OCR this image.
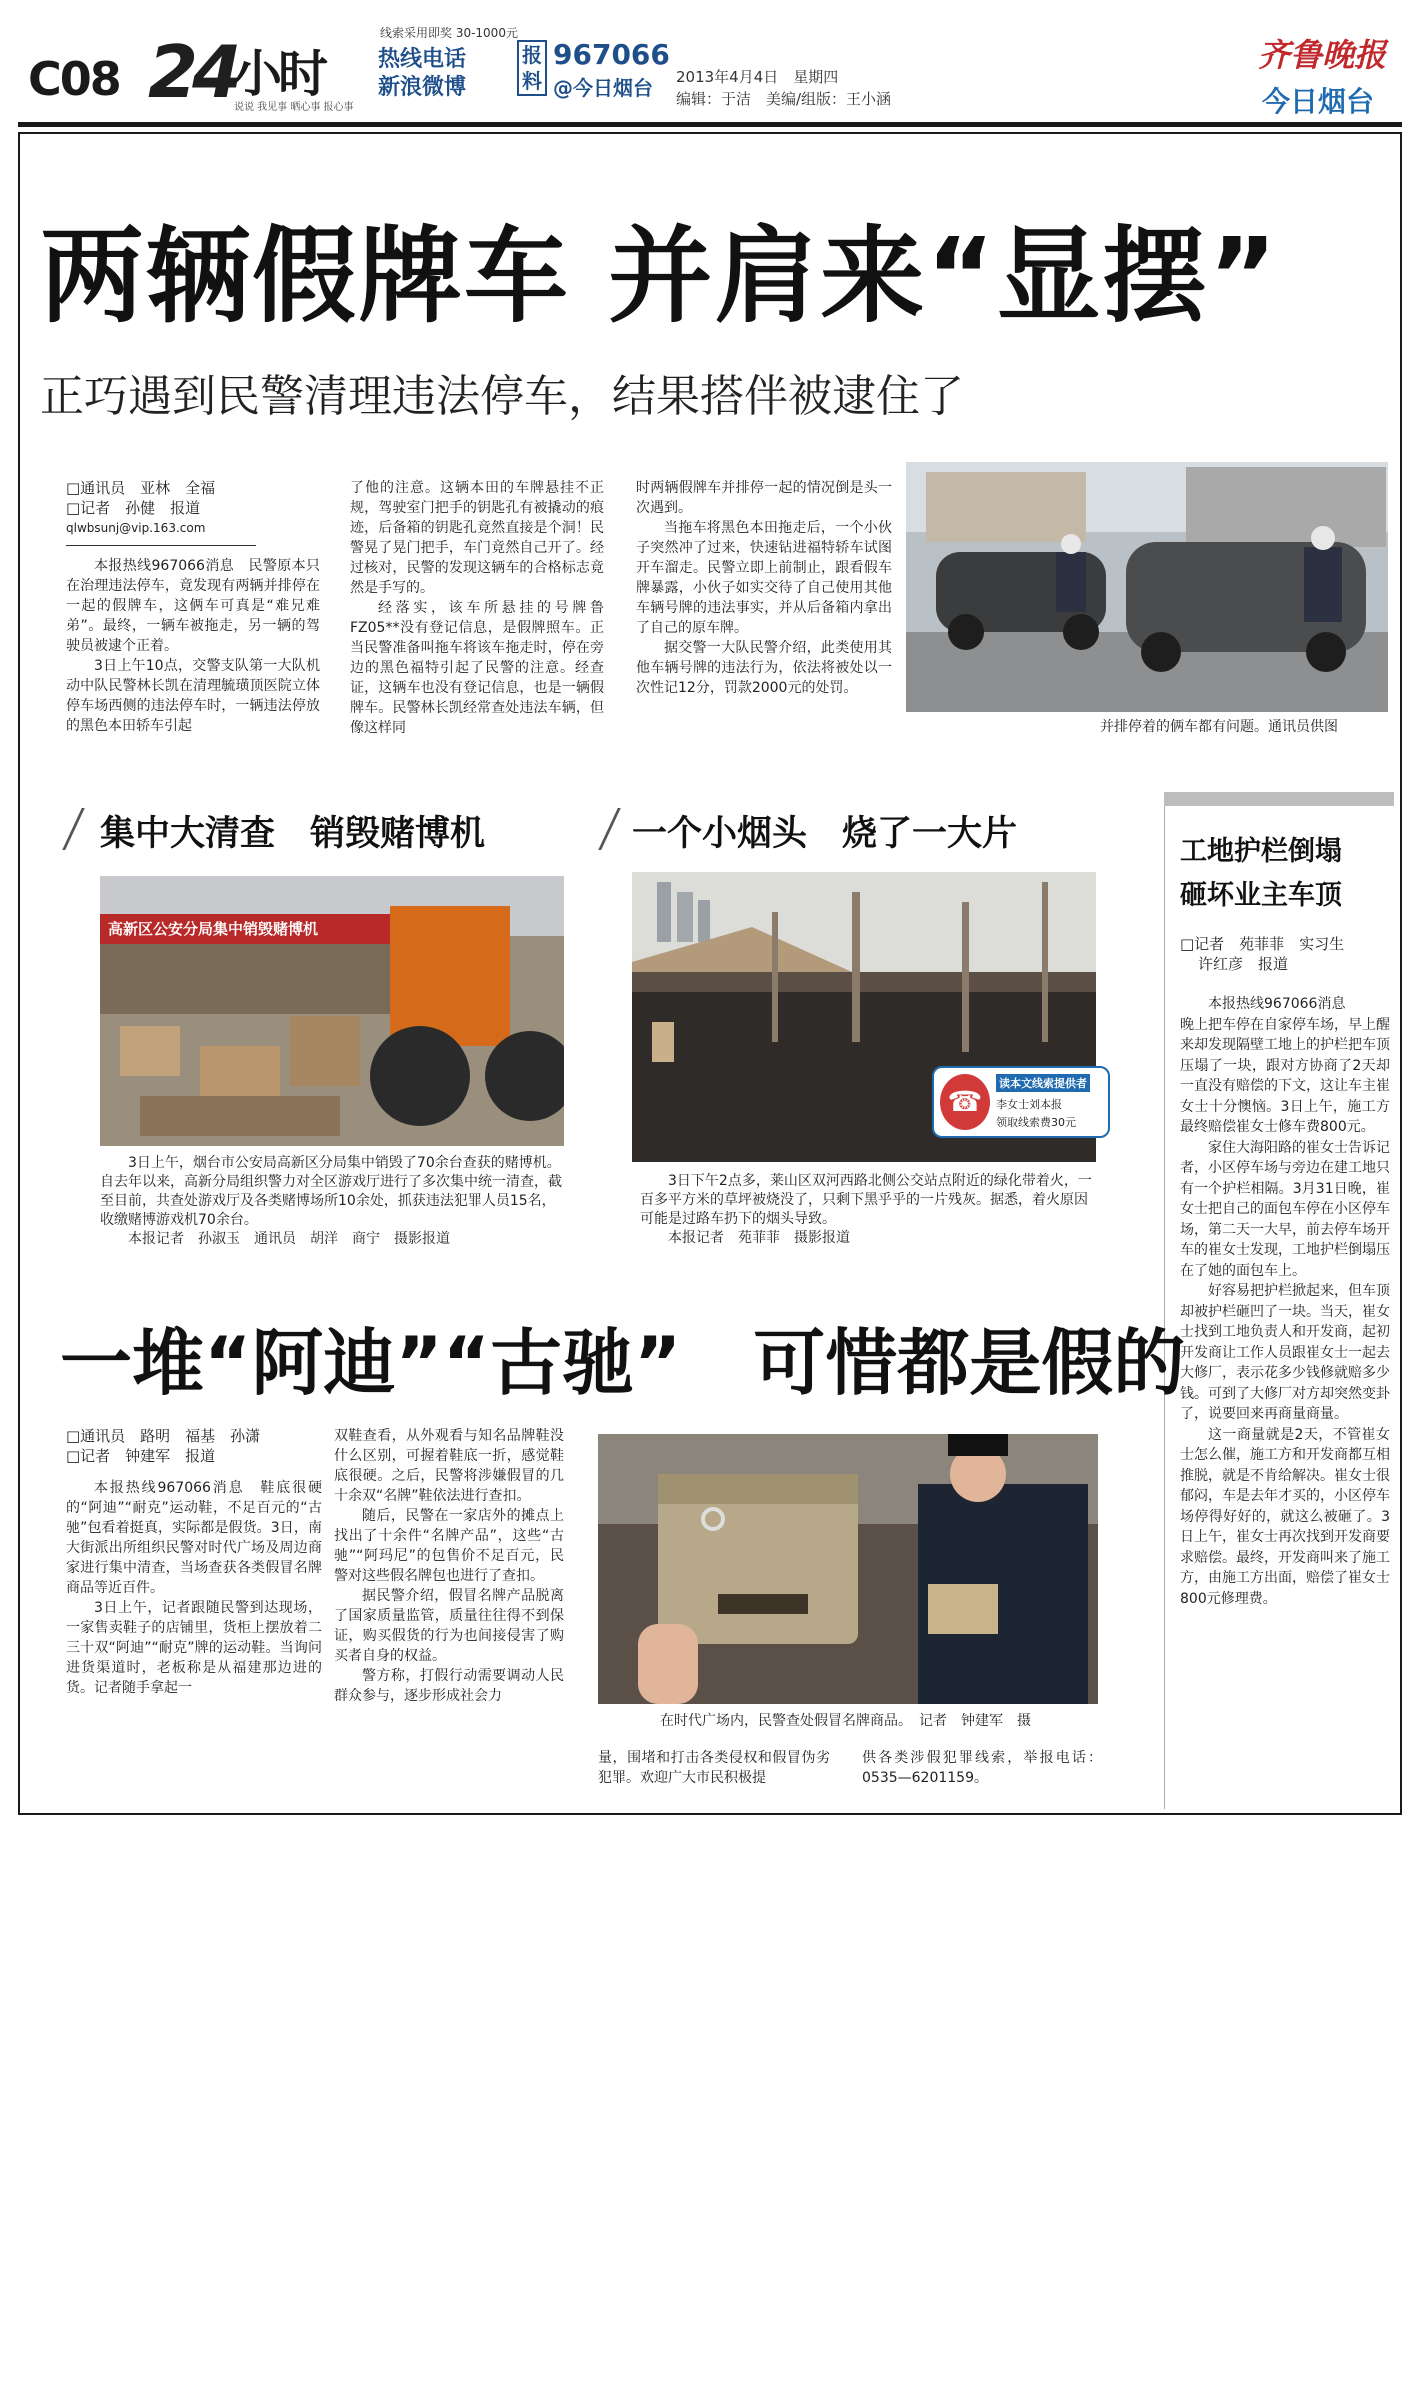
C08 24
小时
说说 我见事 晒心事 报心事
线索采用即奖 30-1000元
热线电话
新浪微博
报料
967066
@今日烟台 2013年4月4日　星期四
编辑：于洁　美编/组版：王小涵
齐鲁晚报
今日烟台
两辆假牌车 并肩来“显摆”
正巧遇到民警清理违法停车，结果搭伴被逮住了
□通讯员　亚林　全福
□记者　孙健　报道
qlwbsunj@vip.163.com

本报热线967066消息　民警原本只在治理违法停车，竟发现有两辆并排停在一起的假牌车，这俩车可真是“难兄难弟”。最终，一辆车被拖走，另一辆的驾驶员被逮个正着。

3日上午10点，交警支队第一大队机动中队民警林长凯在清理毓璜顶医院立体停车场西侧的违法停车时，一辆违法停放的黑色本田轿车引起

了他的注意。这辆本田的车牌悬挂不正规，驾驶室门把手的钥匙孔有被撬动的痕迹，后备箱的钥匙孔竟然直接是个洞！民警晃了晃门把手，车门竟然自己开了。经过核对，民警的发现这辆车的合格标志竟然是手写的。

经落实，该车所悬挂的号牌鲁FZ05**没有登记信息，是假牌照车。正当民警准备叫拖车将该车拖走时，停在旁边的黑色福特引起了民警的注意。经查证，这辆车也没有登记信息，也是一辆假牌车。民警林长凯经常查处违法车辆，但像这样同

时两辆假牌车并排停一起的情况倒是头一次遇到。

当拖车将黑色本田拖走后，一个小伙子突然冲了过来，快速钻进福特轿车试图开车溜走。民警立即上前制止，跟看假车牌暴露，小伙子如实交待了自己使用其他车辆号牌的违法事实，并从后备箱内拿出了自己的原车牌。

据交警一大队民警介绍，此类使用其他车辆号牌的违法行为，依法将被处以一次性记12分，罚款2000元的处罚。

并排停着的俩车都有问题。通讯员供图
集中大清查　销毁赌博机
高新区公安分局集中销毁赌博机

3日上午，烟台市公安局高新区分局集中销毁了70余台查获的赌博机。自去年以来，高新分局组织警力对全区游戏厅进行了多次集中统一清查，截至目前，共查处游戏厅及各类赌博场所10余处，抓获违法犯罪人员15名，收缴赌博游戏机70余台。

本报记者　孙淑玉　通讯员　胡洋　商宁　摄影报道

一个小烟头　烧了一大片
☎
读本文线索提供者
李女士刘本报
领取线索费30元

3日下午2点多，莱山区双河西路北侧公交站点附近的绿化带着火，一百多平方米的草坪被烧没了，只剩下黑乎乎的一片残灰。据悉，着火原因可能是过路车扔下的烟头导致。

本报记者　苑菲菲　摄影报道

工地护栏倒塌
砸坏业主车顶
□记者　苑菲菲　实习生
许红彦　报道

本报热线967066消息

晚上把车停在自家停车场，早上醒来却发现隔壁工地上的护栏把车顶压塌了一块，跟对方协商了2天却一直没有赔偿的下文，这让车主崔女士十分懊恼。3日上午，施工方最终赔偿崔女士修车费800元。

家住大海阳路的崔女士告诉记者，小区停车场与旁边在建工地只有一个护栏相隔。3月31日晚，崔女士把自己的面包车停在小区停车场，第二天一大早，前去停车场开车的崔女士发现，工地护栏倒塌压在了她的面包车上。

好容易把护栏掀起来，但车顶却被护栏砸凹了一块。当天，崔女士找到工地负责人和开发商，起初开发商让工作人员跟崔女士一起去大修厂，表示花多少钱修就赔多少钱。可到了大修厂对方却突然变卦了，说要回来再商量商量。

这一商量就是2天，不管崔女士怎么催，施工方和开发商都互相推脱，就是不肯给解决。崔女士很郁闷，车是去年才买的，小区停车场停得好好的，就这么被砸了。3日上午，崔女士再次找到开发商要求赔偿。最终，开发商叫来了施工方，由施工方出面，赔偿了崔女士800元修理费。

一堆“阿迪”“古驰”　可惜都是假的
□通讯员　路明　福基　孙潇
□记者　钟建军　报道

本报热线967066消息　鞋底很硬的“阿迪”“耐克”运动鞋，不足百元的“古驰”包看着挺真，实际都是假货。3日，南大街派出所组织民警对时代广场及周边商家进行集中清查，当场查获各类假冒名牌商品等近百件。

3日上午，记者跟随民警到达现场，一家售卖鞋子的店铺里，货柜上摆放着二三十双“阿迪”“耐克”牌的运动鞋。当询问进货渠道时，老板称是从福建那边进的货。记者随手拿起一

双鞋查看，从外观看与知名品牌鞋没什么区别，可握着鞋底一折，感觉鞋底很硬。之后，民警将涉嫌假冒的几十余双“名牌”鞋依法进行查扣。

随后，民警在一家店外的摊点上找出了十余件“名牌产品”，这些“古驰”“阿玛尼”的包售价不足百元，民警对这些假名牌包也进行了查扣。

据民警介绍，假冒名牌产品脱离了国家质量监管，质量往往得不到保证，购买假货的行为也间接侵害了购买者自身的权益。

警方称，打假行动需要调动人民群众参与，逐步形成社会力

在时代广场内，民警查处假冒名牌商品。　记者　钟建军　摄
量，围堵和打击各类侵权和假冒伪劣犯罪。欢迎广大市民积极提
供各类涉假犯罪线索，举报电话：0535—6201159。
